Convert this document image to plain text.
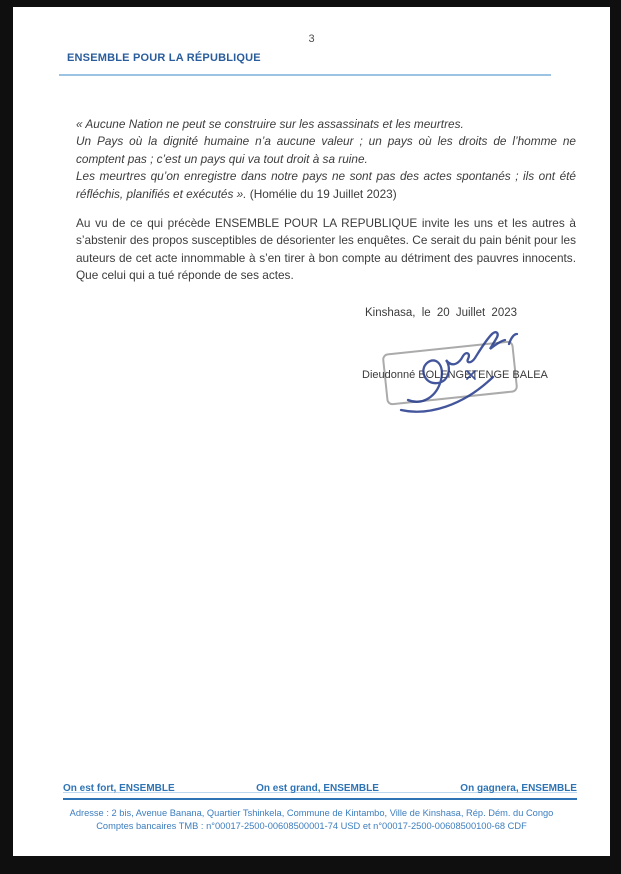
3
ENSEMBLE POUR LA RÉPUBLIQUE
« Aucune Nation ne peut se construire sur les assassinats et les meurtres.
Un Pays où la dignité humaine n’a aucune valeur ; un pays où les droits de l’homme ne comptent pas ; c’est un pays qui va tout droit à sa ruine.
Les meurtres qu’on enregistre dans notre pays ne sont pas des actes spontanés ; ils ont été réfléchis, planifiés et exécutés ». (Homélie du 19 Juillet 2023)
Au vu de ce qui précède ENSEMBLE POUR LA REPUBLIQUE invite les uns et les autres à s’abstenir des propos susceptibles de désorienter les enquêtes. Ce serait du pain bénit pour les auteurs de cet acte innommable à s’en tirer à bon compte au détriment des pauvres innocents. Que celui qui a tué réponde de ses actes.
Kinshasa, le 20 Juillet 2023
Dieudonné BOLENGETENGE BALEA
On est fort, ENSEMBLE	On est grand, ENSEMBLE	On gagnera, ENSEMBLE
Adresse : 2 bis, Avenue Banana, Quartier Tshinkela, Commune de Kintambo, Ville de Kinshasa, Rép. Dém. du Congo
Comptes bancaires TMB : n°00017-2500-00608500001-74 USD et n°00017-2500-00608500100-68 CDF
